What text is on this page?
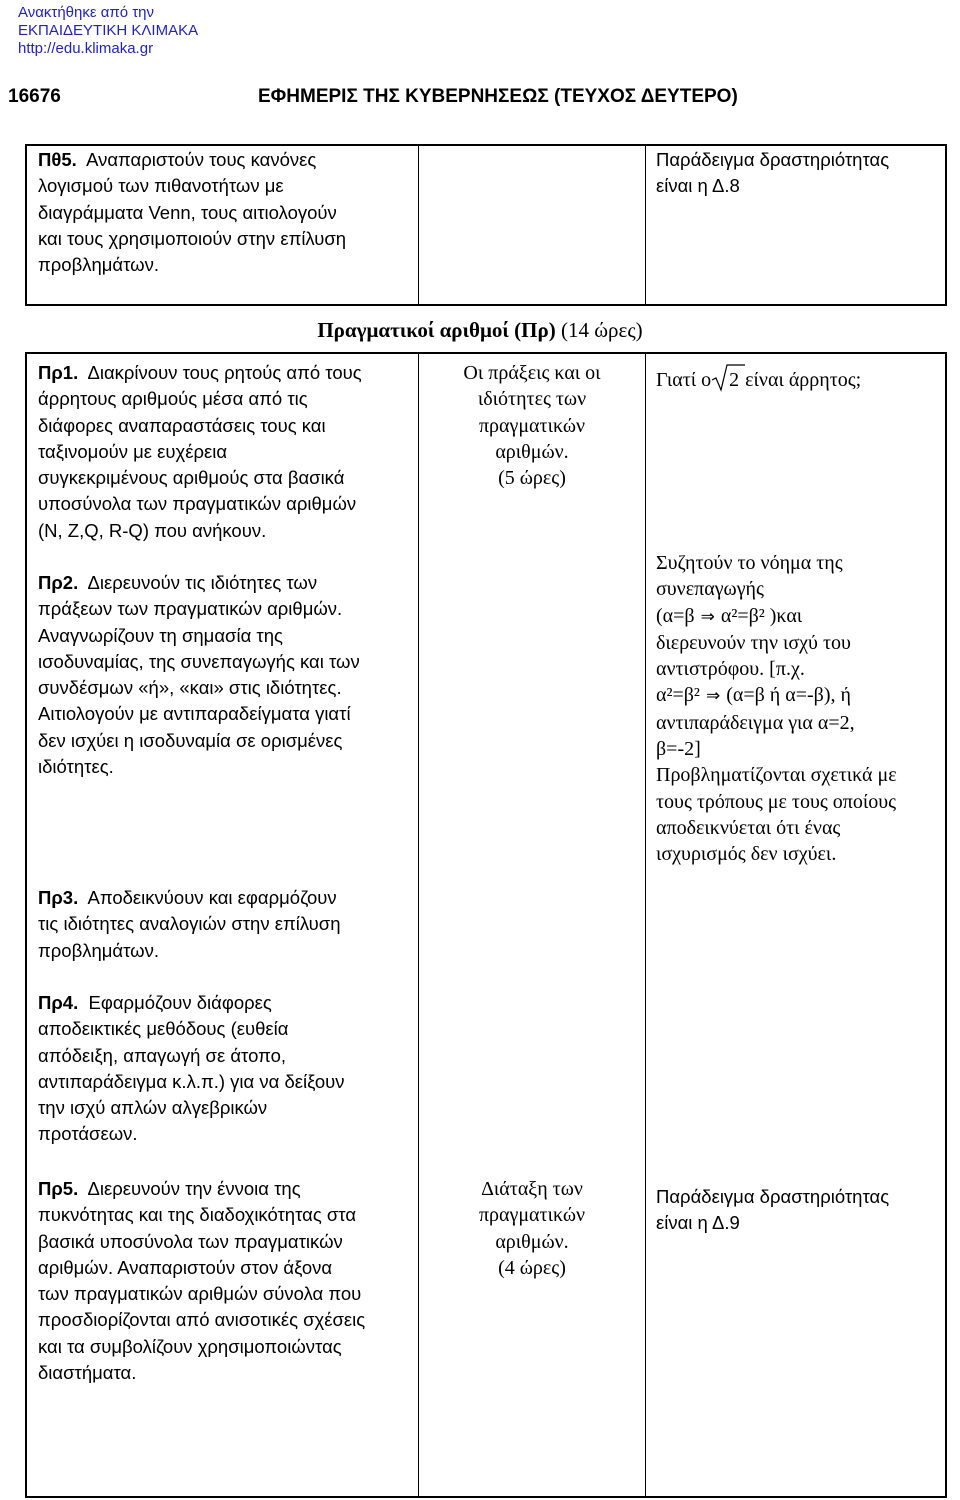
Ανακτήθηκε από την
ΕΚΠΑΙΔΕΥΤΙΚΗ ΚΛΙΜΑΚΑ
http://edu.klimaka.gr
16676	ΕΦΗΜΕΡΙΣ ΤΗΣ ΚΥΒΕΡΝΗΣΕΩΣ (ΤΕΥΧΟΣ ΔΕΥΤΕΡΟ)
Πθ5. Αναπαριστούν τους κανόνες
λογισμού των πιθανοτήτων με
διαγράμματα Venn, τους αιτιολογούν
και τους χρησιμοποιούν στην επίλυση
προβλημάτων.
Παράδειγμα δραστηριότητας
είναι η Δ.8
Πραγματικοί αριθμοί (Πρ) (14 ώρες)
Πρ1. Διακρίνουν τους ρητούς από τους
άρρητους αριθμούς μέσα από τις
διάφορες αναπαραστάσεις τους και
ταξινομούν με ευχέρεια
συγκεκριμένους αριθμούς στα βασικά
υποσύνολα των πραγματικών αριθμών
(N, Z,Q, R-Q) που ανήκουν.
Πρ2. Διερευνούν τις ιδιότητες των
πράξεων των πραγματικών αριθμών.
Αναγνωρίζουν τη σημασία της
ισοδυναμίας, της συνεπαγωγής και των
συνδέσμων «ή», «και» στις ιδιότητες.
Αιτιολογούν με αντιπαραδείγματα γιατί
δεν ισχύει η ισοδυναμία σε ορισμένες
ιδιότητες.
Πρ3. Αποδεικνύουν και εφαρμόζουν
τις ιδιότητες αναλογιών στην επίλυση
προβλημάτων.
Πρ4. Εφαρμόζουν διάφορες
αποδεικτικές μεθόδους (ευθεία
απόδειξη, απαγωγή σε άτοπο,
αντιπαράδειγμα κ.λ.π.) για να δείξουν
την ισχύ απλών αλγεβρικών
προτάσεων.
Πρ5. Διερευνούν την έννοια της
πυκνότητας και της διαδοχικότητας στα
βασικά υποσύνολα των πραγματικών
αριθμών. Αναπαριστούν στον άξονα
των πραγματικών αριθμών σύνολα που
προσδιορίζονται από ανισοτικές σχέσεις
και τα συμβολίζουν χρησιμοποιώντας
διαστήματα.
Οι πράξεις και οι
ιδιότητες των
πραγματικών
αριθμών.
(5 ώρες)
Διάταξη των
πραγματικών
αριθμών.
(4 ώρες)
Γιατί ο 2 είναι άρρητος;
Συζητούν το νόημα της
συνεπαγωγής
(α=β ⇒ α²=β² )και
διερευνούν την ισχύ του
αντιστρόφου. [π.χ.
α²=β² ⇒ (α=β ή α=-β), ή
αντιπαράδειγμα για α=2,
β=-2]
Προβληματίζονται σχετικά με
τους τρόπους με τους οποίους
αποδεικνύεται ότι ένας
ισχυρισμός δεν ισχύει.
Παράδειγμα δραστηριότητας
είναι η Δ.9
